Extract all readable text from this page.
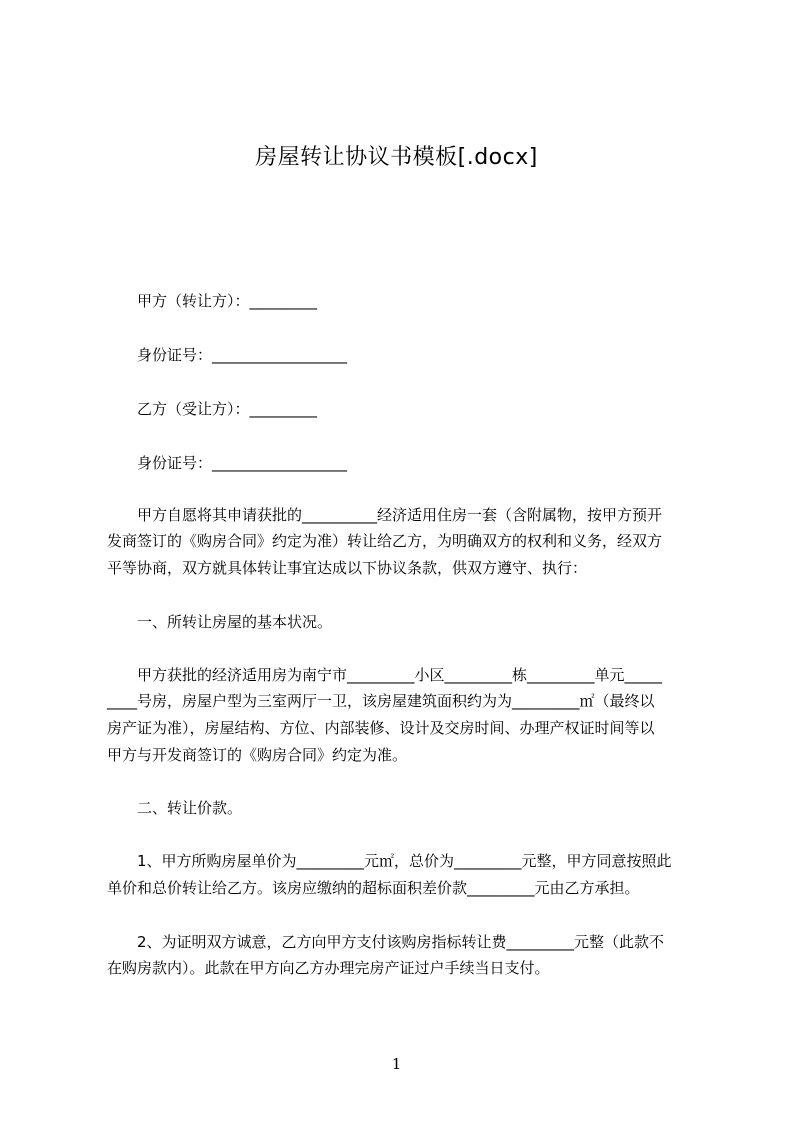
房屋转让协议书模板[.docx]
甲方（转让方）：_________
身份证号：__________________
乙方（受让方）：_________
身份证号：__________________
甲方自愿将其申请获批的__________经济适用住房一套（含附属物，按甲方预开
发商签订的《购房合同》约定为准）转让给乙方，为明确双方的权利和义务，经双方
平等协商，双方就具体转让事宜达成以下协议条款，供双方遵守、执行：
一、所转让房屋的基本状况。
甲方获批的经济适用房为南宁市_________小区_________栋_________单元_____
____号房，房屋户型为三室两厅一卫，该房屋建筑面积约为为_________㎡（最终以
房产证为准），房屋结构、方位、内部装修、设计及交房时间、办理产权证时间等以
甲方与开发商签订的《购房合同》约定为准。
二、转让价款。
1、甲方所购房屋单价为_________元㎡，总价为_________元整，甲方同意按照此
单价和总价转让给乙方。该房应缴纳的超标面积差价款_________元由乙方承担。
2、为证明双方诚意，乙方向甲方支付该购房指标转让费_________元整（此款不
在购房款内）。此款在甲方向乙方办理完房产证过户手续当日支付。
1
